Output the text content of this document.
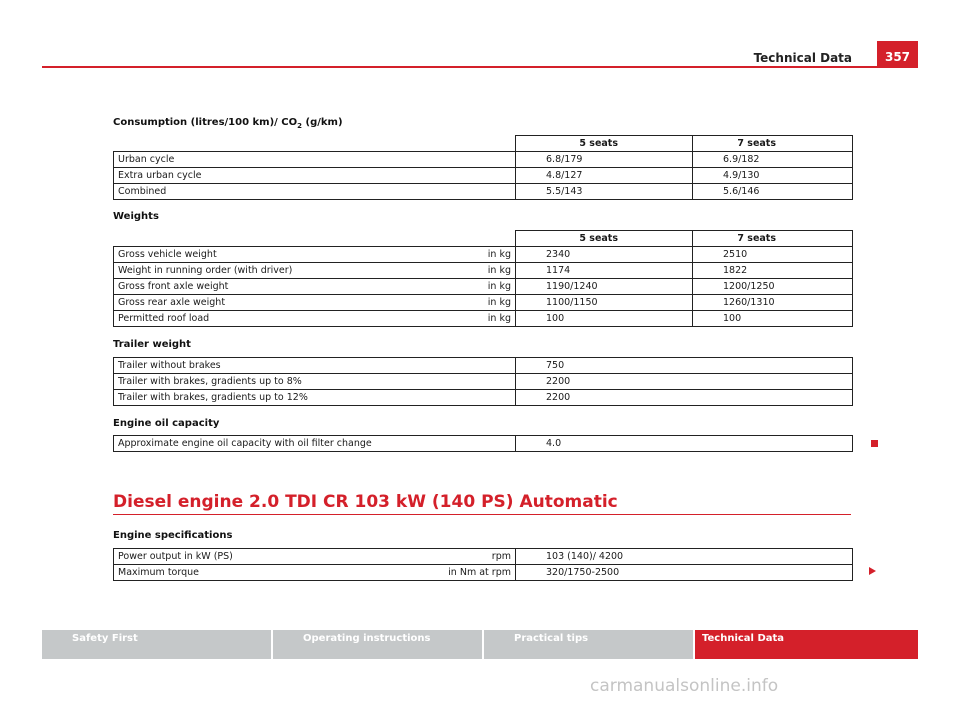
Technical Data	357
Consumption (litres/100 km)/ $CO_2$ (g/km)
	5 seats	7 seats
Urban cycle	6.8/179	6.9/182
Extra urban cycle	4.8/127	4.9/130
Combined	5.5/143	5.6/146
Weights
		5 seats	7 seats
Gross vehicle weight	in kg	2340	2510
Weight in running order (with driver)	in kg	1174	1822
Gross front axle weight	in kg	1190/1240	1200/1250
Gross rear axle weight	in kg	1100/1150	1260/1310
Permitted roof load	in kg	100	100
Trailer weight
Trailer without brakes	750
Trailer with brakes, gradients up to 8%	2200
Trailer with brakes, gradients up to 12%	2200
Engine oil capacity
Approximate engine oil capacity with oil filter change	4.0
Diesel engine 2.0 TDI CR 103 kW (140 PS) Automatic
Engine specifications
Power output in kW (PS)	rpm	103 (140)/ 4200
Maximum torque	in Nm at rpm	320/1750-2500
Safety First	Operating instructions	Practical tips	Technical Data
carmanualsonline.info
